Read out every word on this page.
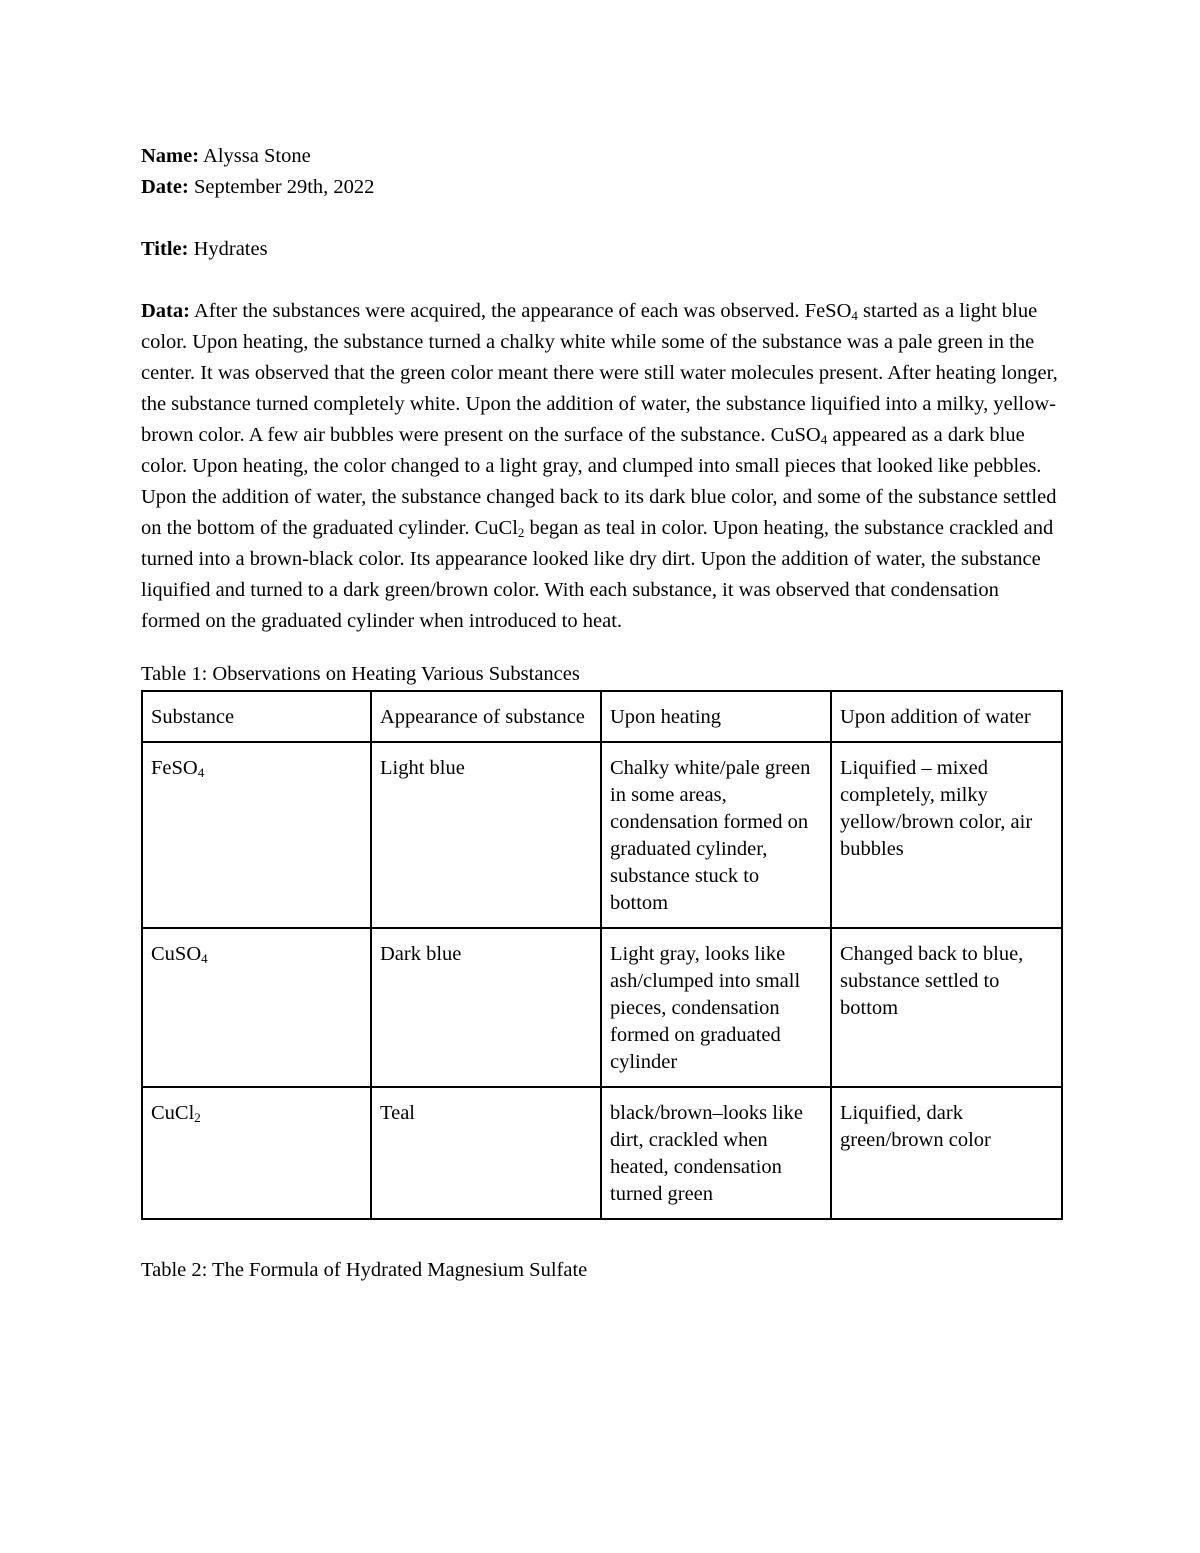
Name: Alyssa Stone

Date: September 29th, 2022

Title: Hydrates

Data: After the substances were acquired, the appearance of each was observed. FeSO$_4$ started as a light blue color. Upon heating, the substance turned a chalky white while some of the substance was a pale green in the center. It was observed that the green color meant there were still water molecules present. After heating longer, the substance turned completely white. Upon the addition of water, the substance liquified into a milky, yellow-brown color. A few air bubbles were present on the surface of the substance. CuSO$_4$ appeared as a dark blue color. Upon heating, the color changed to a light gray, and clumped into small pieces that looked like pebbles. Upon the addition of water, the substance changed back to its dark blue color, and some of the substance settled on the bottom of the graduated cylinder. CuCl$_2$ began as teal in color. Upon heating, the substance crackled and turned into a brown-black color. Its appearance looked like dry dirt. Upon the addition of water, the substance liquified and turned to a dark green/brown color. With each substance, it was observed that condensation formed on the graduated cylinder when introduced to heat.

Table 1: Observations on Heating Various Substances

Substance	Appearance of substance	Upon heating	Upon addition of water
FeSO$_4$	Light blue	Chalky white/pale green in some areas, condensation formed on graduated cylinder, substance stuck to bottom	Liquified – mixed completely, milky yellow/brown color, air bubbles
CuSO$_4$	Dark blue	Light gray, looks like ash/clumped into small pieces, condensation formed on graduated cylinder	Changed back to blue, substance settled to bottom
CuCl$_2$	Teal	black/brown–looks like dirt, crackled when heated, condensation turned green	Liquified, dark green/brown color

Table 2: The Formula of Hydrated Magnesium Sulfate
